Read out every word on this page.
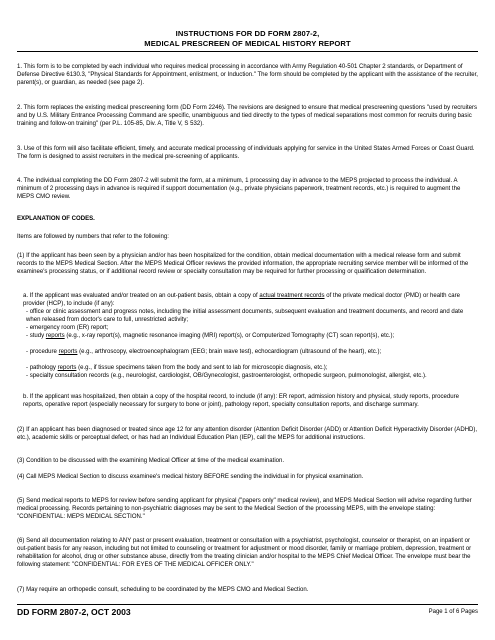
INSTRUCTIONS FOR DD FORM 2807-2,
MEDICAL PRESCREEN OF MEDICAL HISTORY REPORT

1. This form is to be completed by each individual who requires medical processing in accordance with Army Regulation 40-501 Chapter 2 standards, or Department of Defense Directive 6130.3, "Physical Standards for Appointment, enlistment, or Induction." The form should be completed by the applicant with the assistance of the recruiter, parent(s), or guardian, as needed (see page 2).

2. This form replaces the existing medical prescreening form (DD Form 2246). The revisions are designed to ensure that medical prescreening questions "used by recruiters and by U.S. Military Entrance Processing Command are specific, unambiguous and tied directly to the types of medical separations most common for recruits during basic training and follow-on training" (per P.L. 105-85, Div. A, Title V, S 532).

3. Use of this form will also facilitate efficient, timely, and accurate medical processing of individuals applying for service in the United States Armed Forces or Coast Guard. The form is designed to assist recruiters in the medical pre-screening of applicants.

4. The individual completing the DD Form 2807-2 will submit the form, at a minimum, 1 processing day in advance to the MEPS projected to process the individual. A minimum of 2 processing days in advance is required if support documentation (e.g., private physicians paperwork, treatment records, etc.) is required to augment the MEPS CMO review.

EXPLANATION OF CODES.

Items are followed by numbers that refer to the following:

(1) If the applicant has been seen by a physician and/or has been hospitalized for the condition, obtain medical documentation with a medical release form and submit records to the MEPS Medical Section. After the MEPS Medical Officer reviews the provided information, the appropriate recruiting service member will be informed of the examinee's processing status, or if additional record review or specialty consultation may be required for further processing or qualification determination.

a. If the applicant was evaluated and/or treated on an out-patient basis, obtain a copy of actual treatment records of the private medical doctor (PMD) or health care provider (HCP), to include (if any):

- office or clinic assessment and progress notes, including the initial assessment documents, subsequent evaluation and treatment documents, and record and date when released from doctor's care to full, unrestricted activity;

- emergency room (ER) report;

- study reports (e.g., x-ray report(s), magnetic resonance imaging (MRI) report(s), or Computerized Tomography (CT) scan report(s), etc.);

- procedure reports (e.g., arthroscopy, electroencephalogram (EEG; brain wave test), echocardiogram (ultrasound of the heart), etc.);

- pathology reports (e.g., if tissue specimens taken from the body and sent to lab for microscopic diagnosis, etc.);

- specialty consultation records (e.g., neurologist, cardiologist, OB/Gynecologist, gastroenterologist, orthopedic surgeon, pulmonologist, allergist, etc.).

b. If the applicant was hospitalized, then obtain a copy of the hospital record, to include (if any): ER report, admission history and physical, study reports, procedure reports, operative report (especially necessary for surgery to bone or joint), pathology report, specialty consultation reports, and discharge summary.

(2) If an applicant has been diagnosed or treated since age 12 for any attention disorder (Attention Deficit Disorder (ADD) or Attention Deficit Hyperactivity Disorder (ADHD), etc.), academic skills or perceptual defect, or has had an Individual Education Plan (IEP), call the MEPS for additional instructions.

(3) Condition to be discussed with the examining Medical Officer at time of the medical examination.

(4) Call MEPS Medical Section to discuss examinee's medical history BEFORE sending the individual in for physical examination.

(5) Send medical reports to MEPS for review before sending applicant for physical ("papers only" medical review), and MEPS Medical Section will advise regarding further medical processing. Records pertaining to non-psychiatric diagnoses may be sent to the Medical Section of the processing MEPS, with the envelope stating: "CONFIDENTIAL: MEPS MEDICAL SECTION."

(6) Send all documentation relating to ANY past or present evaluation, treatment or consultation with a psychiatrist, psychologist, counselor or therapist, on an inpatient or out-patient basis for any reason, including but not limited to counseling or treatment for adjustment or mood disorder, family or marriage problem, depression, treatment or rehabilitation for alcohol, drug or other substance abuse, directly from the treating clinician and/or hospital to the MEPS Chief Medical Officer. The envelope must bear the following statement: "CONFIDENTIAL: FOR EYES OF THE MEDICAL OFFICER ONLY."

(7) May require an orthopedic consult, scheduling to be coordinated by the MEPS CMO and Medical Section.

DD FORM 2807-2, OCT 2003	Page 1 of 6 Pages
